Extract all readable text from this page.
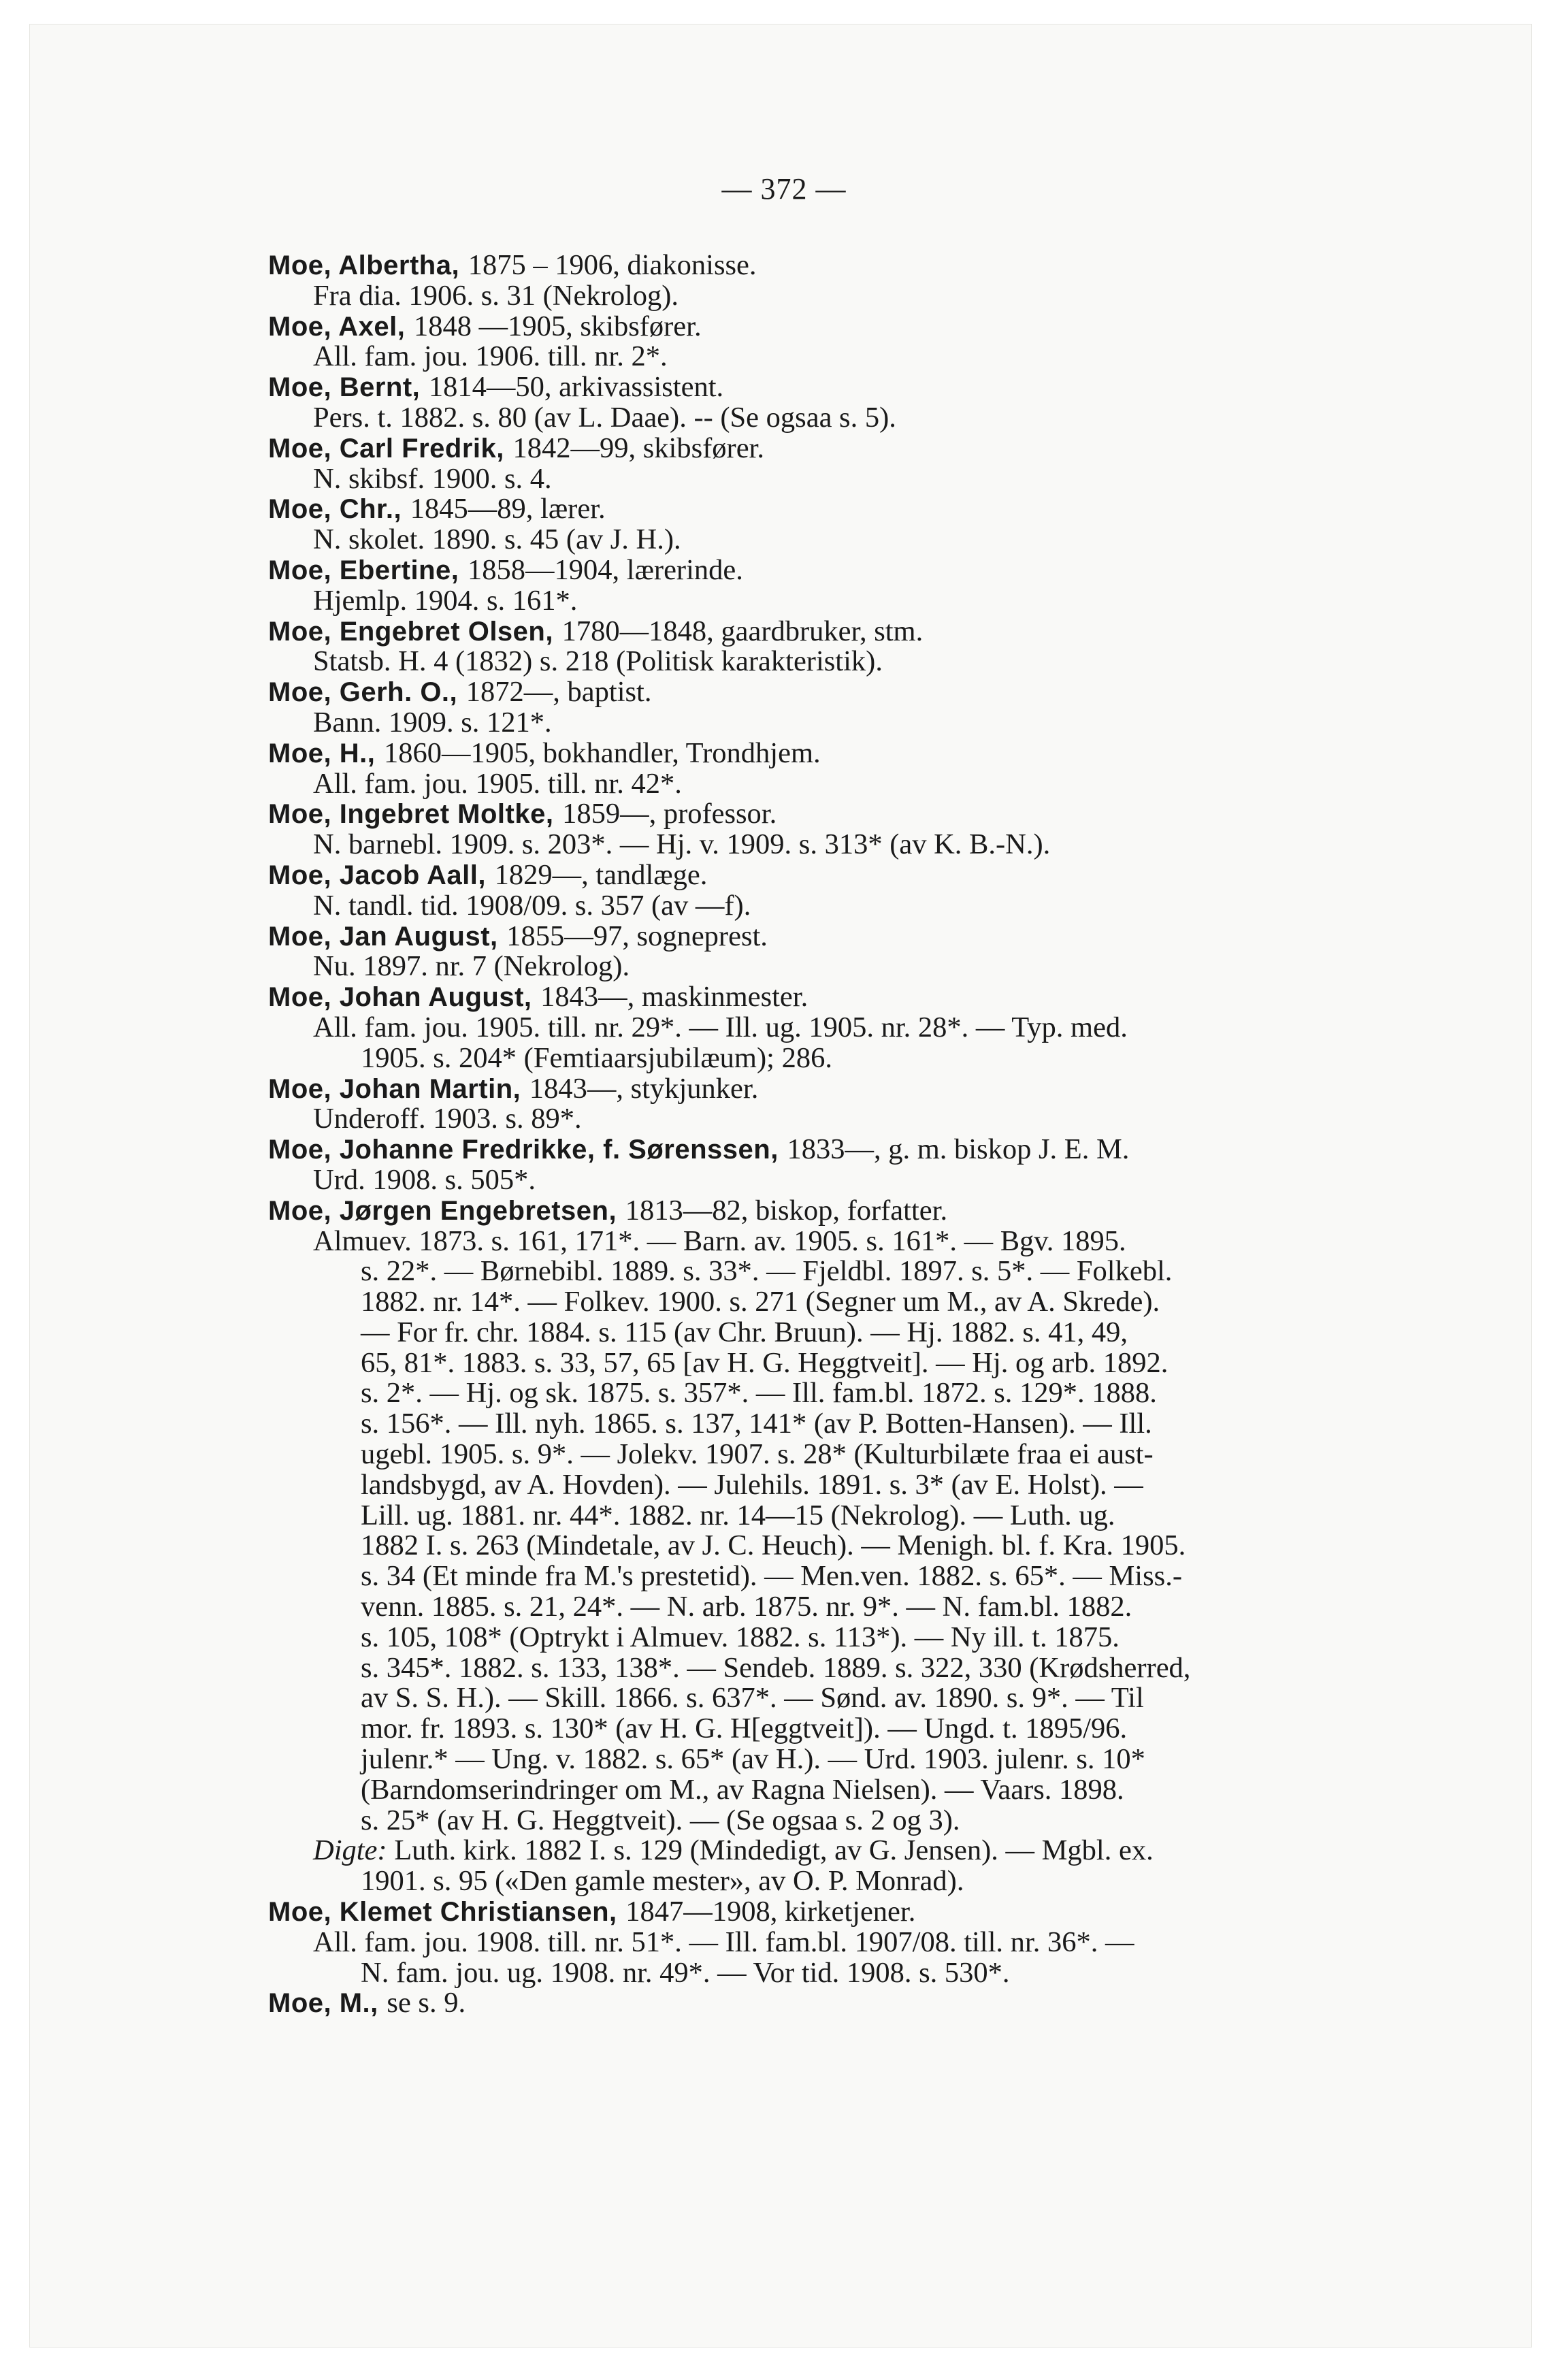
— 372 —
Moe, Albertha, 1875 – 1906, diakonisse.
Fra dia. 1906. s. 31 (Nekrolog).
Moe, Axel, 1848 —1905, skibsfører.
All. fam. jou. 1906. till. nr. 2*.
Moe, Bernt, 1814—50, arkivassistent.
Pers. t. 1882. s. 80 (av L. Daae). -- (Se ogsaa s. 5).
Moe, Carl Fredrik, 1842—99, skibsfører.
N. skibsf. 1900. s. 4.
Moe, Chr., 1845—89, lærer.
N. skolet. 1890. s. 45 (av J. H.).
Moe, Ebertine, 1858—1904, lærerinde.
Hjemlp. 1904. s. 161*.
Moe, Engebret Olsen, 1780—1848, gaardbruker, stm.
Statsb. H. 4 (1832) s. 218 (Politisk karakteristik).
Moe, Gerh. O., 1872—, baptist.
Bann. 1909. s. 121*.
Moe, H., 1860—1905, bokhandler, Trondhjem.
All. fam. jou. 1905. till. nr. 42*.
Moe, Ingebret Moltke, 1859—, professor.
N. barnebl. 1909. s. 203*. — Hj. v. 1909. s. 313* (av K. B.-N.).
Moe, Jacob Aall, 1829—, tandlæge.
N. tandl. tid. 1908/09. s. 357 (av —f).
Moe, Jan August, 1855—97, sogneprest.
Nu. 1897. nr. 7 (Nekrolog).
Moe, Johan August, 1843—, maskinmester.
All. fam. jou. 1905. till. nr. 29*. — Ill. ug. 1905. nr. 28*. — Typ. med.
1905. s. 204* (Femtiaarsjubilæum); 286.
Moe, Johan Martin, 1843—, stykjunker.
Underoff. 1903. s. 89*.
Moe, Johanne Fredrikke, f. Sørenssen, 1833—, g. m. biskop J. E. M.
Urd. 1908. s. 505*.
Moe, Jørgen Engebretsen, 1813—82, biskop, forfatter.
Almuev. 1873. s. 161, 171*. — Barn. av. 1905. s. 161*. — Bgv. 1895.
s. 22*. — Børnebibl. 1889. s. 33*. — Fjeldbl. 1897. s. 5*. — Folkebl.
1882. nr. 14*. — Folkev. 1900. s. 271 (Segner um M., av A. Skrede).
— For fr. chr. 1884. s. 115 (av Chr. Bruun). — Hj. 1882. s. 41, 49,
65, 81*. 1883. s. 33, 57, 65 [av H. G. Heggtveit]. — Hj. og arb. 1892.
s. 2*. — Hj. og sk. 1875. s. 357*. — Ill. fam.bl. 1872. s. 129*. 1888.
s. 156*. — Ill. nyh. 1865. s. 137, 141* (av P. Botten-Hansen). — Ill.
ugebl. 1905. s. 9*. — Jolekv. 1907. s. 28* (Kulturbilæte fraa ei aust-
landsbygd, av A. Hovden). — Julehils. 1891. s. 3* (av E. Holst). —
Lill. ug. 1881. nr. 44*. 1882. nr. 14—15 (Nekrolog). — Luth. ug.
1882 I. s. 263 (Mindetale, av J. C. Heuch). — Menigh. bl. f. Kra. 1905.
s. 34 (Et minde fra M.'s prestetid). — Men.ven. 1882. s. 65*. — Miss.-
venn. 1885. s. 21, 24*. — N. arb. 1875. nr. 9*. — N. fam.bl. 1882.
s. 105, 108* (Optrykt i Almuev. 1882. s. 113*). — Ny ill. t. 1875.
s. 345*. 1882. s. 133, 138*. — Sendeb. 1889. s. 322, 330 (Krødsherred,
av S. S. H.). — Skill. 1866. s. 637*. — Sønd. av. 1890. s. 9*. — Til
mor. fr. 1893. s. 130* (av H. G. H[eggtveit]). — Ungd. t. 1895/96.
julenr.* — Ung. v. 1882. s. 65* (av H.). — Urd. 1903. julenr. s. 10*
(Barndomserindringer om M., av Ragna Nielsen). — Vaars. 1898.
s. 25* (av H. G. Heggtveit). — (Se ogsaa s. 2 og 3).
Digte: Luth. kirk. 1882 I. s. 129 (Mindedigt, av G. Jensen). — Mgbl. ex.
1901. s. 95 («Den gamle mester», av O. P. Monrad).
Moe, Klemet Christiansen, 1847—1908, kirketjener.
All. fam. jou. 1908. till. nr. 51*. — Ill. fam.bl. 1907/08. till. nr. 36*. —
N. fam. jou. ug. 1908. nr. 49*. — Vor tid. 1908. s. 530*.
Moe, M., se s. 9.
